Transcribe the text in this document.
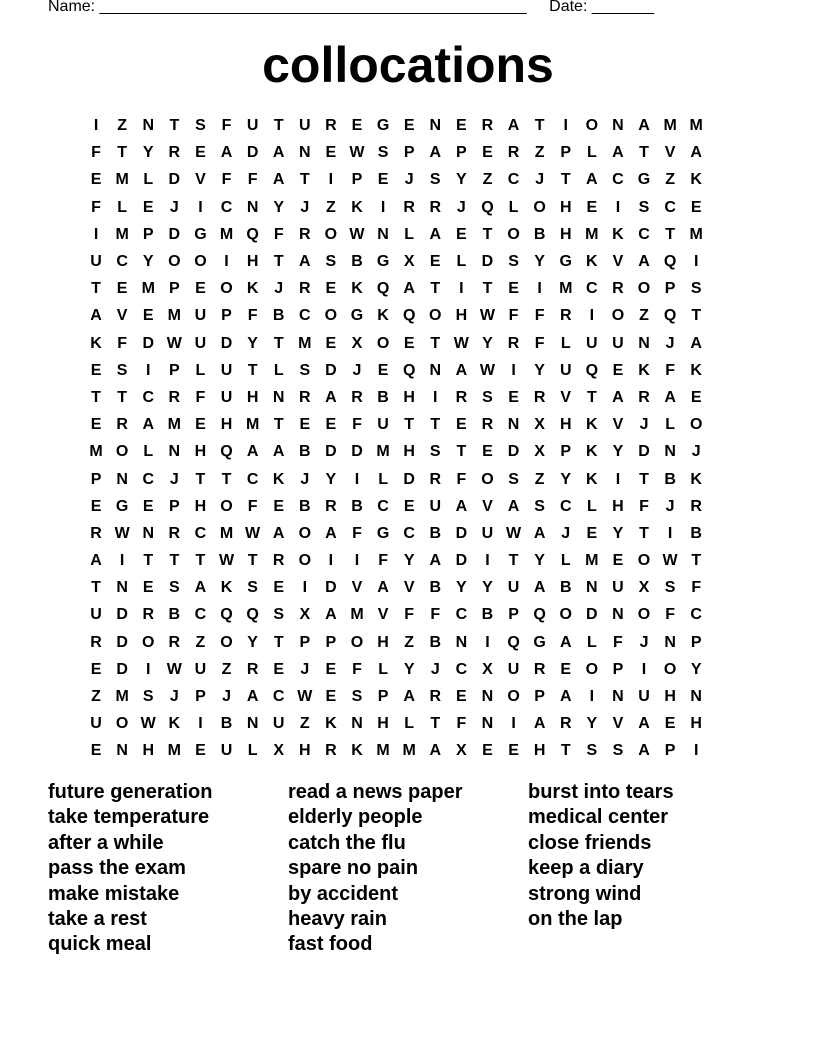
Name: ________________________________________________ Date: _______
collocations
I	Z N T S F U T U R E G E N E R A T	I	O N A M M
F	T Y R E A D A N E W S P A P E R Z P L A T V A
E M L D V F	F A T	I	P E	J	S Y Z C J	T A C G Z K
F	L E	J	I	C N Y	J	Z K	I	R R J Q L O H E	I	S C E
I	M P D G M Q F R O W N L A E T O B H M K C T M
U C Y O O	I	H T A S B G X E L D S Y G K V A Q	I
T E M P E O K J R E K Q A T	I	T E	I	M C R O P S
A V E M U P F B C O G K Q O H W F	F R	I	O Z Q T
K F D W U D Y T M E X O E T W Y R F	L U U N J A
E S	I	P L U T	L S D J	E Q N A W	I	Y U Q E K F K
T	T C R F U H N R A R B H	I	R S E R V T A R A E
E R A M E H M T E E F U T	T E R N X H K V	J	L O
M O L N H Q A A B D D M H S T E D X P K Y D N J
P N C J	T	T C K J	Y	I	L D R F O S Z Y K	I	T B K
E G E P H O F E B R B C E U A V A S C L H F	J R
R W N R C M W A O A F G C B D U W A J	E Y T	I	B
A	I	T	T	T W T R O	I	I	F Y A D	I	T Y L M E O W T
T N E S A K S E	I	D V A V B Y Y U A B N U X S F
U D R B C Q Q S X A M V F	F C B P Q O D N O F C
R D O R Z O Y T P P O H Z B N	I	Q G A L	F	J N P
E D	I	W U Z R E	J	E F	L Y	J C X U R E O P	I	O Y
Z M S	J	P	J A C W E S P A R E N O P A	I	N U H N
U O W K	I	B N U Z K N H L	T	F N	I	A R Y V A E H
E N H M E U L X H R K M M A X E E H T S S A P	I
future generation
take temperature
after a while
pass the exam
make mistake
take a rest
quick meal
read a news paper
elderly people
catch the flu
spare no pain
by accident
heavy rain
fast food
burst into tears
medical center
close friends
keep a diary
strong wind
on the lap
